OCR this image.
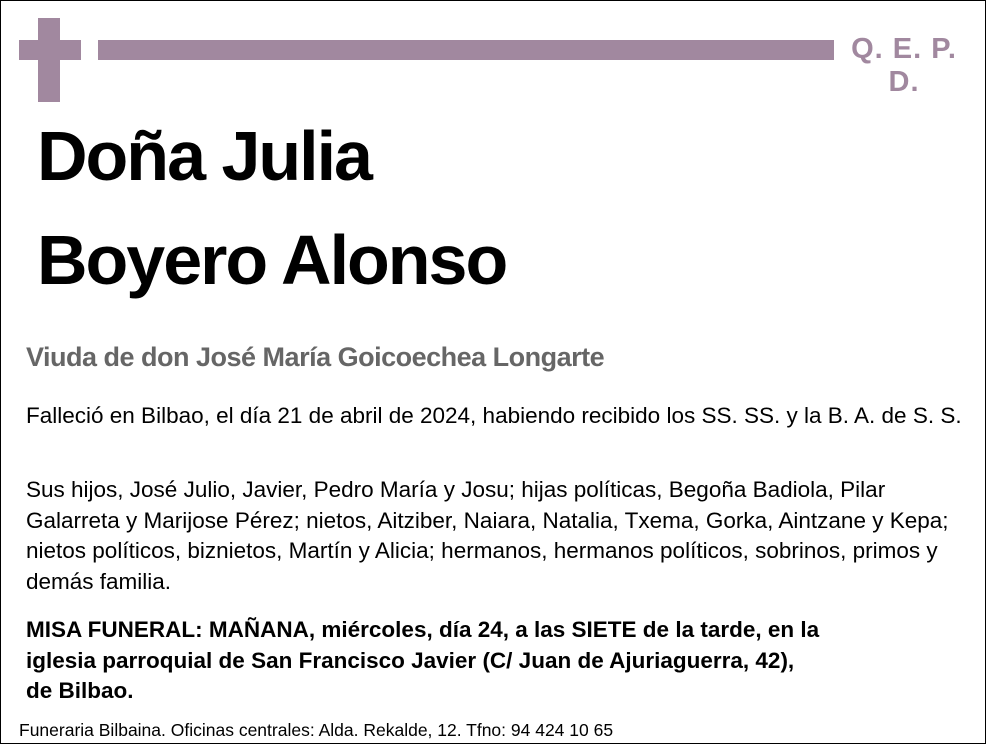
Q. E. P. D.
Doña Julia
Boyero Alonso
Viuda de don José María Goicoechea Longarte
Falleció en Bilbao, el día 21 de abril de 2024, habiendo recibido los SS. SS. y la B. A. de S. S.
Sus hijos, José Julio, Javier, Pedro María y Josu; hijas políticas, Begoña Badiola, Pilar Galarreta y Marijose Pérez; nietos, Aitziber, Naiara, Natalia, Txema, Gorka, Aintzane y Kepa; nietos políticos, biznietos, Martín y Alicia; hermanos, hermanos políticos, sobrinos, primos y demás familia.
MISA FUNERAL: MAÑANA, miércoles, día 24, a las SIETE de la tarde, en la
iglesia parroquial de San Francisco Javier (C/ Juan de Ajuriaguerra, 42),
de Bilbao.
Funeraria Bilbaina. Oficinas centrales: Alda. Rekalde, 12. Tfno: 94 424 10 65
